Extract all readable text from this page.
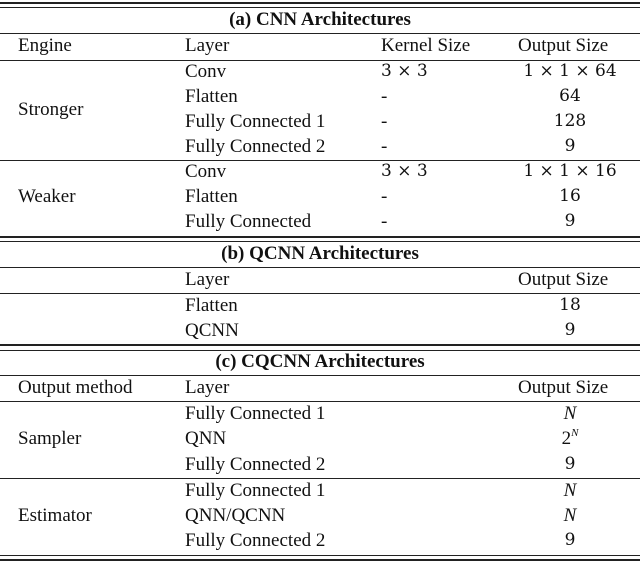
(a) CNN Architectures
Engine	Layer	Kernel Size	Output Size
Stronger
Conv	3 × 3	1 × 1 × 64
Flatten	-	64
Fully Connected 1	-	128
Fully Connected 2	-	9
Weaker
Conv	3 × 3	1 × 1 × 16
Flatten	-	16
Fully Connected	-	9
(b) QCNN Architectures
Layer	Output Size
Flatten	18
QCNN	9
(c) CQCNN Architectures
Output method	Layer	Output Size
Sampler
Fully Connected 1	N
QNN	$2^N$
Fully Connected 2	9
Estimator
Fully Connected 1	N
QNN/QCNN	N
Fully Connected 2	9
